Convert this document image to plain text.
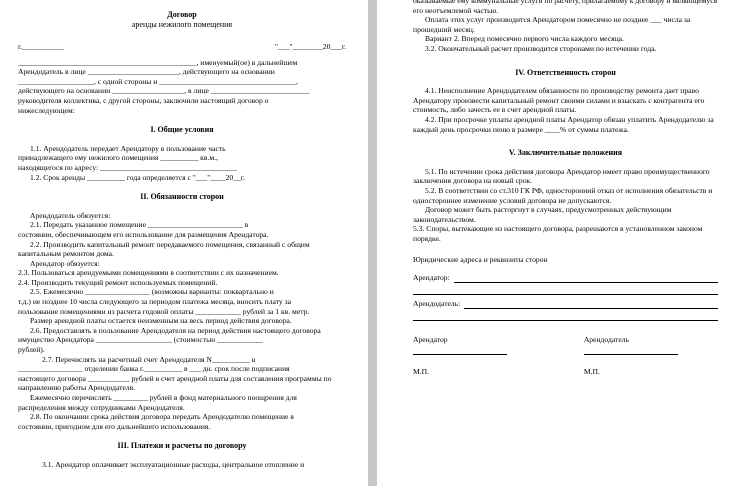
Договор
аренды нежилого помещения
г.___________	"___"________20___г.

_______________________________________________, именуемый(ое) в дальнейшем

Арендодатель в лице ________________________, действующего на основании

____________________, с одной стороны и ____________________________________,

действующего на основании ___________________, в лице __________________________

руководителя коллектива, с другой стороны, заключили настоящий договор о

нижеследующем:

I. Общие условия

1.1. Арендодатель передает Арендатору в пользование часть

принадлежащего ему нежилого помещения __________ кв.м.,

находящегося по адресу: ____________________________________

1.2. Срок аренды __________ года определяется с "___"____20__г.

II. Обязанности сторон

Арендодатель обязуется:

2.1. Передать указанное помещение _________________________ в

состоянии, обеспечивающем его использование для размещения Арендатора.

2.2. Производить капитальный ремонт передаваемого помещения, связанный с общим

капитальным ремонтом дома.

Арендатор обязуется:

2.3. Пользоваться арендуемыми помещениями в соответствии с их назначением.

2.4. Производить текущий ремонт используемых помещений.

2.5. Ежемесячно _________________ (возможны варианты: поквартально и

т.д.) не позднее 10 числа следующего за периодом платежа месяца, вносить плату за

пользование помещениями из расчета годовой оплаты ____________ рублей за 1 кв. метр.

Размер арендной платы остается неизменным на весь период действия договора.

2.6. Предоставлять в пользование Арендодателя на период действия настоящего договора

имущество Арендатора ____________________ (стоимостью ____________

рублей).

2.7. Перечислять на расчетный счет Арендодателя N__________ в

_________________ отделении банка г.__________ в ___ дн. срок после подписания

настоящего договора ___________ рублей в счет арендной платы для составления программы по

направлению работы Арендодателя.

Ежемесячно перечислять _________ рублей в фонд материального поощрения для

распределения между сотрудниками Арендодателя.

2.8. По окончании срока действия договора передать Арендодателю помещение в

состоянии, пригодном для его дальнейшего использования.

III. Платежи и расчеты по договору

3.1. Арендатор оплачивает эксплуатационные расходы, центральное отопление и

оказываемые ему коммунальные услуги по расчету, прилагаемому к договору и являющемуся

его неотъемлемой частью.

Оплата этих услуг производится Арендатором помесячно не позднее ___ числа за

прошедший месяц.

Вариант 2. Вперед помесячно первого числа каждого месяца.

3.2. Окончательный расчет производится сторонами по истечении года.

IV. Ответственность сторон

4.1. Неисполнение Арендодателем обязанности по производству ремонта дает право

Арендатору произвести капитальный ремонт своими силами и взыскать с контрагента его

стоимость, либо зачесть ее в счет арендной платы.

4.2. При просрочке уплаты арендной платы Арендатор обязан уплатить Арендодателю за

каждый день просрочки пеню в размере ____% от суммы платежа.

V. Заключительные положения

5.1. По истечении срока действия договора Арендатор имеет право преимущественного

заключения договора на новый срок.

5.2. В соответствии со ст.310 ГК РФ, односторонний отказ от исполнения обязательств и

одностороннее изменение условий договора не допускаются.

Договор может быть расторгнут в случаях, предусмотренных действующим

законодательством.

5.3. Споры, вытекающие из настоящего договора, разрешаются в установленном законом

порядке.

Юридические адреса и реквизиты сторон

Арендатор:
Арендодатель:

Арендатор

М.П.

Арендодатель

М.П.
